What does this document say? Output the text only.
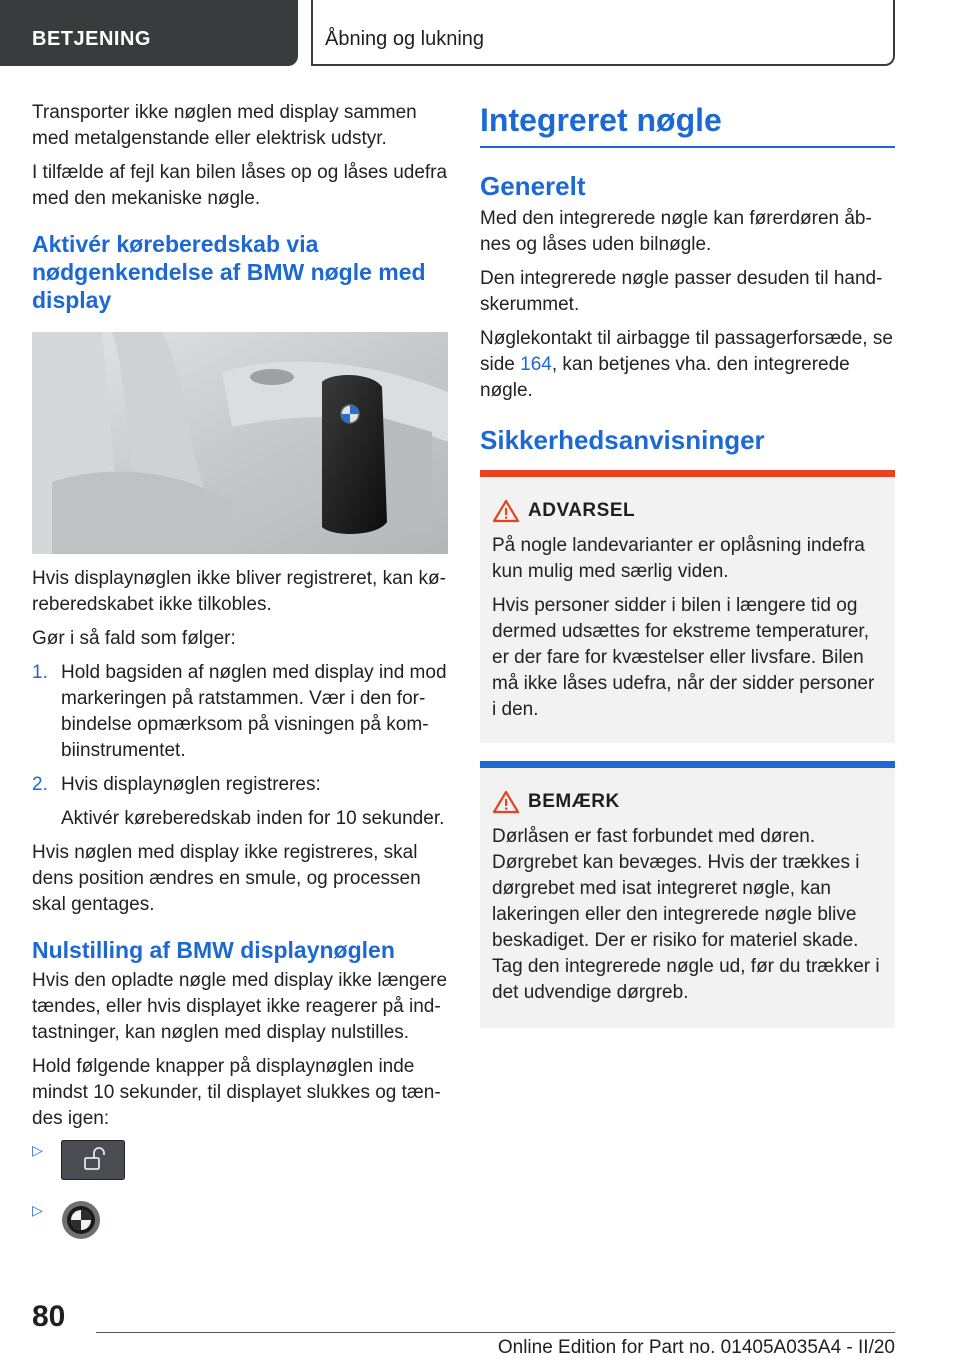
BETJENING	Åbning og lukning

Transporter ikke nøglen med display sammen med metalgenstande eller elektrisk udstyr.

I tilfælde af fejl kan bilen låses op og låses udefra med den mekaniske nøgle.

Aktivér køreberedskab via nødgenkendelse af BMW nøgle med display

Hvis displaynøglen ikke bliver registreret, kan køreberedskabet ikke tilkobles.

Gør i så fald som følger:

1. Hold bagsiden af nøglen med display ind mod markeringen på ratstammen. Vær i den forbindelse opmærksom på visningen på kombiinstrumentet.
2. Hvis displaynøglen registreres:
Aktivér køreberedskab inden for 10 sekunder.

Hvis nøglen med display ikke registreres, skal dens position ændres en smule, og processen skal gentages.

Nulstilling af BMW displaynøglen

Hvis den opladte nøgle med display ikke længere tændes, eller hvis displayet ikke reagerer på indtastninger, kan nøglen med display nulstilles.

Hold følgende knapper på displaynøglen inde mindst 10 sekunder, til displayet slukkes og tændes igen:

▷
▷
Integreret nøgle
Generelt

Med den integrerede nøgle kan førerdøren åbnes og låses uden bilnøgle.

Den integrerede nøgle passer desuden til handskerummet.

Nøglekontakt til airbagge til passagerforsæde, se side 164, kan betjenes vha. den integrerede nøgle.

Sikkerhedsanvisninger
ADVARSEL

På nogle landevarianter er oplåsning indefra kun mulig med særlig viden.

Hvis personer sidder i bilen i længere tid og dermed udsættes for ekstreme temperaturer, er der fare for kvæstelser eller livsfare. Bilen må ikke låses udefra, når der sidder personer i den.

BEMÆRK

Dørlåsen er fast forbundet med døren. Dørgrebet kan bevæges. Hvis der trækkes i dørgrebet med isat integreret nøgle, kan lakeringen eller den integrerede nøgle blive beskadiget. Der er risiko for materiel skade. Tag den integrerede nøgle ud, før du trækker i det udvendige dørgreb.

80
Online Edition for Part no. 01405A035A4 - II/20
